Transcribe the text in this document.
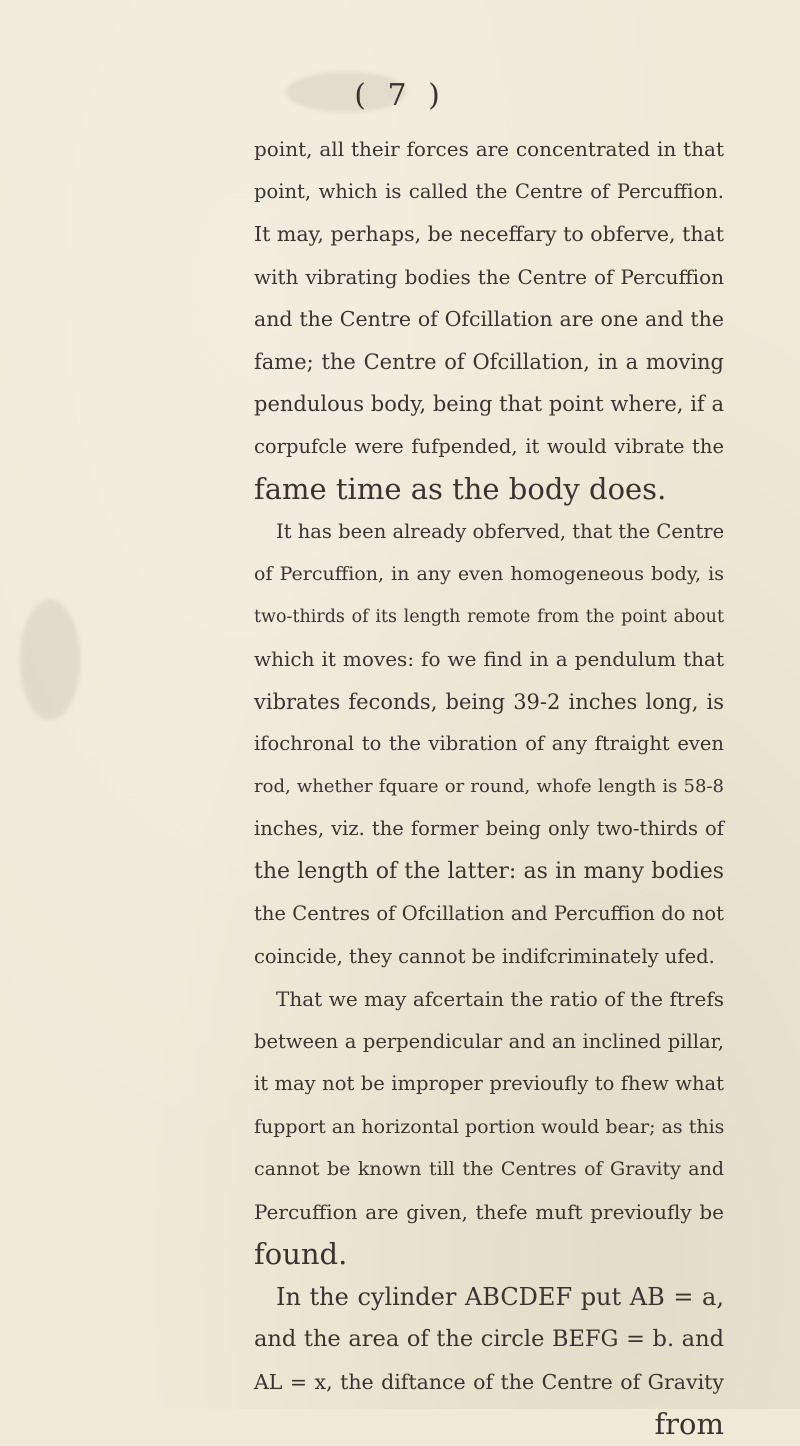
( 7 )
point, all their forces are concentrated in that
point, which is called the Centre of Percuffion.
It may, perhaps, be neceffary to obferve, that
with vibrating bodies the Centre of Percuffion
and the Centre of Ofcillation are one and the
fame; the Centre of Ofcillation, in a moving
pendulous body, being that point where, if a
corpufcle were fufpended, it would vibrate the
fame time as the body does.
It has been already obferved, that the Centre
of Percuffion, in any even homogeneous body, is
two-thirds of its length remote from the point about
which it moves: fo we find in a pendulum that
vibrates feconds, being 39-2 inches long, is
ifochronal to the vibration of any ftraight even
rod, whether fquare or round, whofe length is 58-8
inches, viz. the former being only two-thirds of
the length of the latter: as in many bodies
the Centres of Ofcillation and Percuffion do not
coincide, they cannot be indifcriminately ufed.
That we may afcertain the ratio of the ftrefs
between a perpendicular and an inclined pillar,
it may not be improper previoufly to fhew what
fupport an horizontal portion would bear; as this
cannot be known till the Centres of Gravity and
Percuffion are given, thefe muft previoufly be
found.
In the cylinder ABCDEF put AB = a,
and the area of the circle BEFG = b. and
AL = x, the diftance of the Centre of Gravity
from
